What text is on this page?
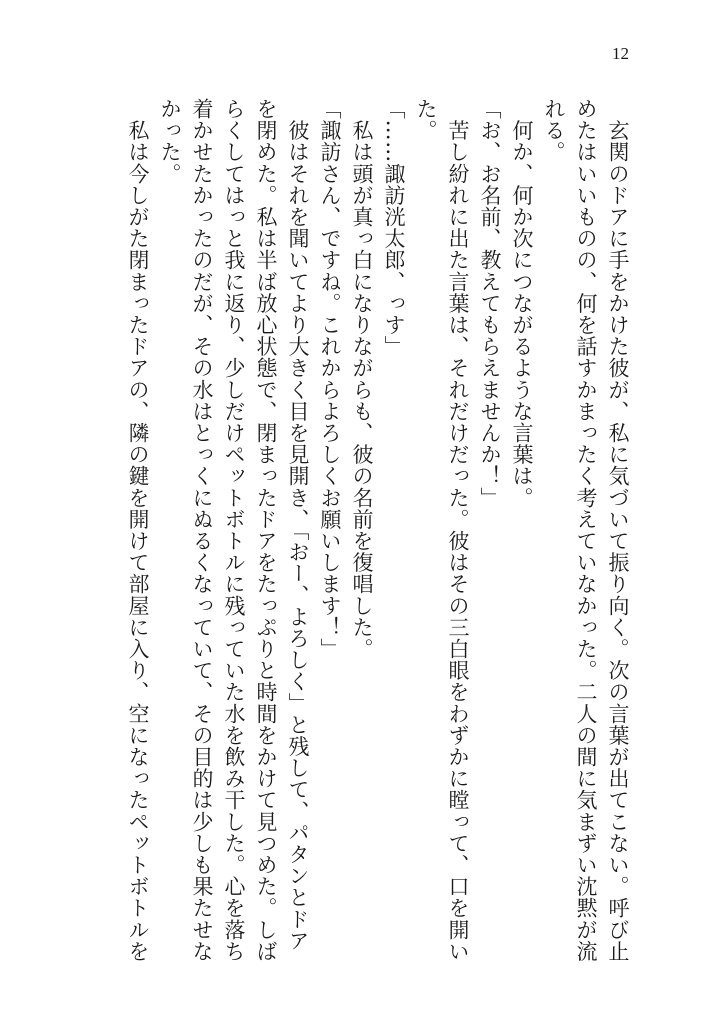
12
　玄関のドアに手をかけた彼が、私に気づいて振り向く。次の言葉が出てこない。呼び止
めたはいいものの、何を話すかまったく考えていなかった。二人の間に気まずい沈黙が流
れる。
　何か、何か次につながるような言葉は。
「お、お名前、教えてもらえませんか！」
　苦し紛れに出た言葉は、それだけだった。彼はその三白眼をわずかに瞠って、口を開い
た。
「……諏訪洸太郎、っす」
　私は頭が真っ白になりながらも、彼の名前を復唱した。
「諏訪さん、ですね。これからよろしくお願いします！」
　彼はそれを聞いてより大きく目を見開き、「おー、よろしく」と残して、パタンとドア
を閉めた。私は半ば放心状態で、閉まったドアをたっぷりと時間をかけて見つめた。しば
らくしてはっと我に返り、少しだけペットボトルに残っていた水を飲み干した。心を落ち
着かせたかったのだが、その水はとっくにぬるくなっていて、その目的は少しも果たせな
かった。
　私は今しがた閉まったドアの、隣の鍵を開けて部屋に入り、空になったペットボトルを
